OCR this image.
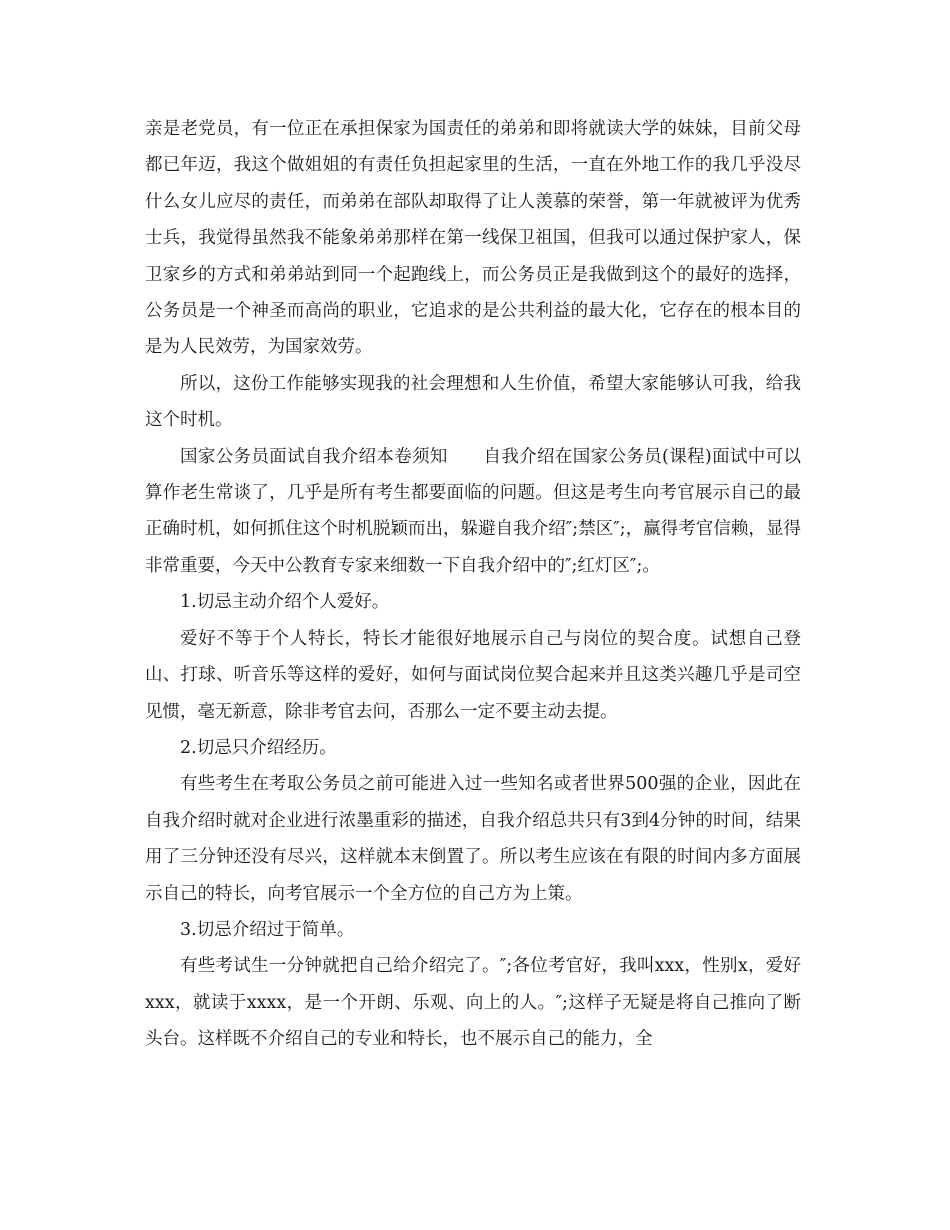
亲是老党员，有一位正在承担保家为国责任的弟弟和即将就读大学的妹妹，目前父母都已年迈，我这个做姐姐的有责任负担起家里的生活，一直在外地工作的我几乎没尽什么女儿应尽的责任，而弟弟在部队却取得了让人羡慕的荣誉，第一年就被评为优秀士兵，我觉得虽然我不能象弟弟那样在第一线保卫祖国，但我可以通过保护家人，保卫家乡的方式和弟弟站到同一个起跑线上，而公务员正是我做到这个的最好的选择，公务员是一个神圣而高尚的职业，它追求的是公共利益的最大化，它存在的根本目的是为人民效劳，为国家效劳。

所以，这份工作能够实现我的社会理想和人生价值，希望大家能够认可我，给我这个时机。

国家公务员面试自我介绍本卷须知　　自我介绍在国家公务员(课程)面试中可以算作老生常谈了，几乎是所有考生都要面临的问题。但这是考生向考官展示自己的最正确时机，如何抓住这个时机脱颖而出，躲避自我介绍″;禁区″;，赢得考官信赖，显得非常重要，今天中公教育专家来细数一下自我介绍中的″;红灯区″;。

1.切忌主动介绍个人爱好。

爱好不等于个人特长，特长才能很好地展示自己与岗位的契合度。试想自己登山、打球、听音乐等这样的爱好，如何与面试岗位契合起来并且这类兴趣几乎是司空见惯，毫无新意，除非考官去问，否那么一定不要主动去提。

2.切忌只介绍经历。

有些考生在考取公务员之前可能进入过一些知名或者世界500强的企业，因此在自我介绍时就对企业进行浓墨重彩的描述，自我介绍总共只有3到4分钟的时间，结果用了三分钟还没有尽兴，这样就本末倒置了。所以考生应该在有限的时间内多方面展示自己的特长，向考官展示一个全方位的自己方为上策。

3.切忌介绍过于简单。

有些考试生一分钟就把自己给介绍完了。″;各位考官好，我叫xxx，性别x，爱好xxx，就读于xxxx，是一个开朗、乐观、向上的人。″;这样子无疑是将自己推向了断头台。这样既不介绍自己的专业和特长，也不展示自己的能力，全
